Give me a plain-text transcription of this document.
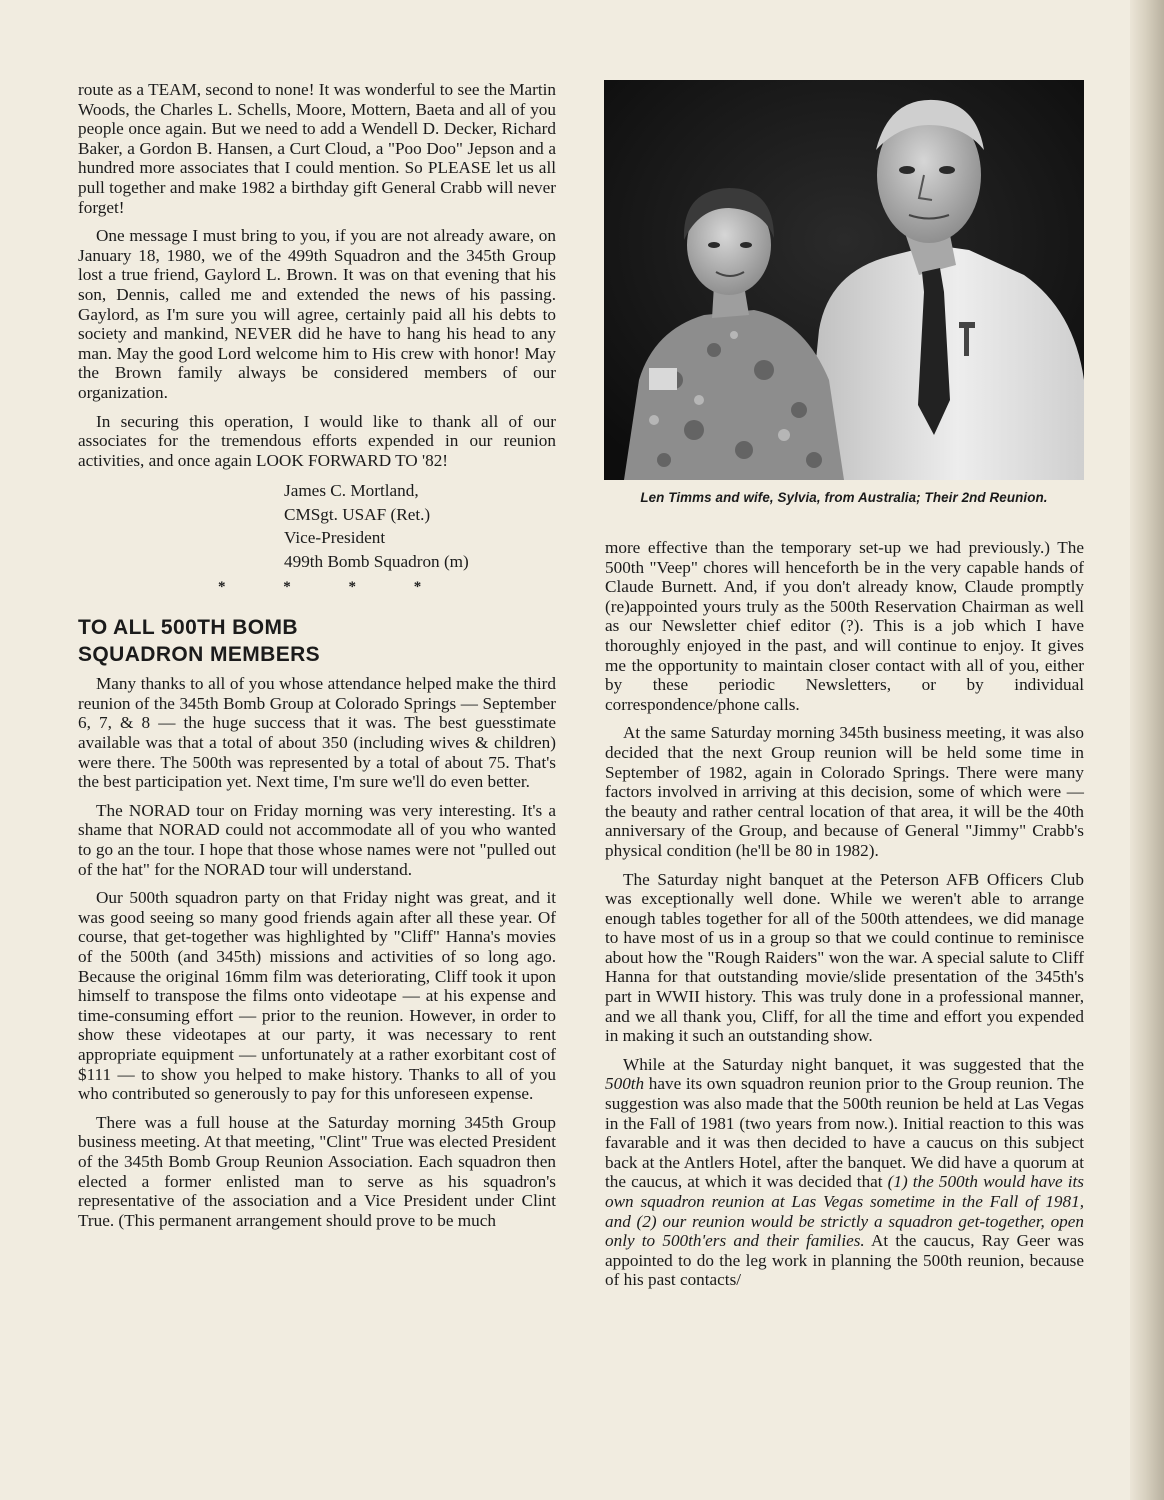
route as a TEAM, second to none! It was wonderful to see the Martin Woods, the Charles L. Schells, Moore, Mottern, Baeta and all of you people once again. But we need to add a Wendell D. Decker, Richard Baker, a Gordon B. Hansen, a Curt Cloud, a "Poo Doo" Jepson and a hundred more associates that I could mention. So PLEASE let us all pull together and make 1982 a birthday gift General Crabb will never forget!

One message I must bring to you, if you are not already aware, on January 18, 1980, we of the 499th Squadron and the 345th Group lost a true friend, Gaylord L. Brown. It was on that evening that his son, Dennis, called me and extended the news of his passing. Gaylord, as I'm sure you will agree, certainly paid all his debts to society and mankind, NEVER did he have to hang his head to any man. May the good Lord welcome him to His crew with honor! May the Brown family always be considered members of our organization.

In securing this operation, I would like to thank all of our associates for the tremendous efforts expended in our reunion activities, and once again LOOK FORWARD TO '82!

James C. Mortland,
CMSgt. USAF (Ret.)
Vice-President
499th Bomb Squadron (m)
* * * *
TO ALL 500TH BOMB
SQUADRON MEMBERS

Many thanks to all of you whose attendance helped make the third reunion of the 345th Bomb Group at Colorado Springs — September 6, 7, & 8 — the huge success that it was. The best guesstimate available was that a total of about 350 (including wives & children) were there. The 500th was represented by a total of about 75. That's the best participation yet. Next time, I'm sure we'll do even better.

The NORAD tour on Friday morning was very interesting. It's a shame that NORAD could not accommodate all of you who wanted to go an the tour. I hope that those whose names were not "pulled out of the hat" for the NORAD tour will understand.

Our 500th squadron party on that Friday night was great, and it was good seeing so many good friends again after all these year. Of course, that get-together was highlighted by "Cliff" Hanna's movies of the 500th (and 345th) missions and activities of so long ago. Because the original 16mm film was deteriorating, Cliff took it upon himself to transpose the films onto videotape — at his expense and time-consuming effort — prior to the reunion. However, in order to show these videotapes at our party, it was necessary to rent appropriate equipment — unfortunately at a rather exorbitant cost of $111 — to show you helped to make history. Thanks to all of you who contributed so generously to pay for this unforeseen expense.

There was a full house at the Saturday morning 345th Group business meeting. At that meeting, "Clint" True was elected President of the 345th Bomb Group Reunion Association. Each squadron then elected a former enlisted man to serve as his squadron's representative of the association and a Vice President under Clint True. (This permanent arrangement should prove to be much

Len Timms and wife, Sylvia, from Australia; Their 2nd Reunion.

more effective than the temporary set-up we had previously.) The 500th "Veep" chores will henceforth be in the very capable hands of Claude Burnett. And, if you don't already know, Claude promptly (re)appointed yours truly as the 500th Reservation Chairman as well as our Newsletter chief editor (?). This is a job which I have thoroughly enjoyed in the past, and will continue to enjoy. It gives me the opportunity to maintain closer contact with all of you, either by these periodic Newsletters, or by individual correspondence/phone calls.

At the same Saturday morning 345th business meeting, it was also decided that the next Group reunion will be held some time in September of 1982, again in Colorado Springs. There were many factors involved in arriving at this decision, some of which were — the beauty and rather central location of that area, it will be the 40th anniversary of the Group, and because of General "Jimmy" Crabb's physical condition (he'll be 80 in 1982).

The Saturday night banquet at the Peterson AFB Officers Club was exceptionally well done. While we weren't able to arrange enough tables together for all of the 500th attendees, we did manage to have most of us in a group so that we could continue to reminisce about how the "Rough Raiders" won the war. A special salute to Cliff Hanna for that outstanding movie/slide presentation of the 345th's part in WWII history. This was truly done in a professional manner, and we all thank you, Cliff, for all the time and effort you expended in making it such an outstanding show.

While at the Saturday night banquet, it was suggested that the 500th have its own squadron reunion prior to the Group reunion. The suggestion was also made that the 500th reunion be held at Las Vegas in the Fall of 1981 (two years from now.). Initial reaction to this was favarable and it was then decided to have a caucus on this subject back at the Antlers Hotel, after the banquet. We did have a quorum at the caucus, at which it was decided that (1) the 500th would have its own squadron reunion at Las Vegas sometime in the Fall of 1981, and (2) our reunion would be strictly a squadron get-together, open only to 500th'ers and their families. At the caucus, Ray Geer was appointed to do the leg work in planning the 500th reunion, because of his past contacts/
